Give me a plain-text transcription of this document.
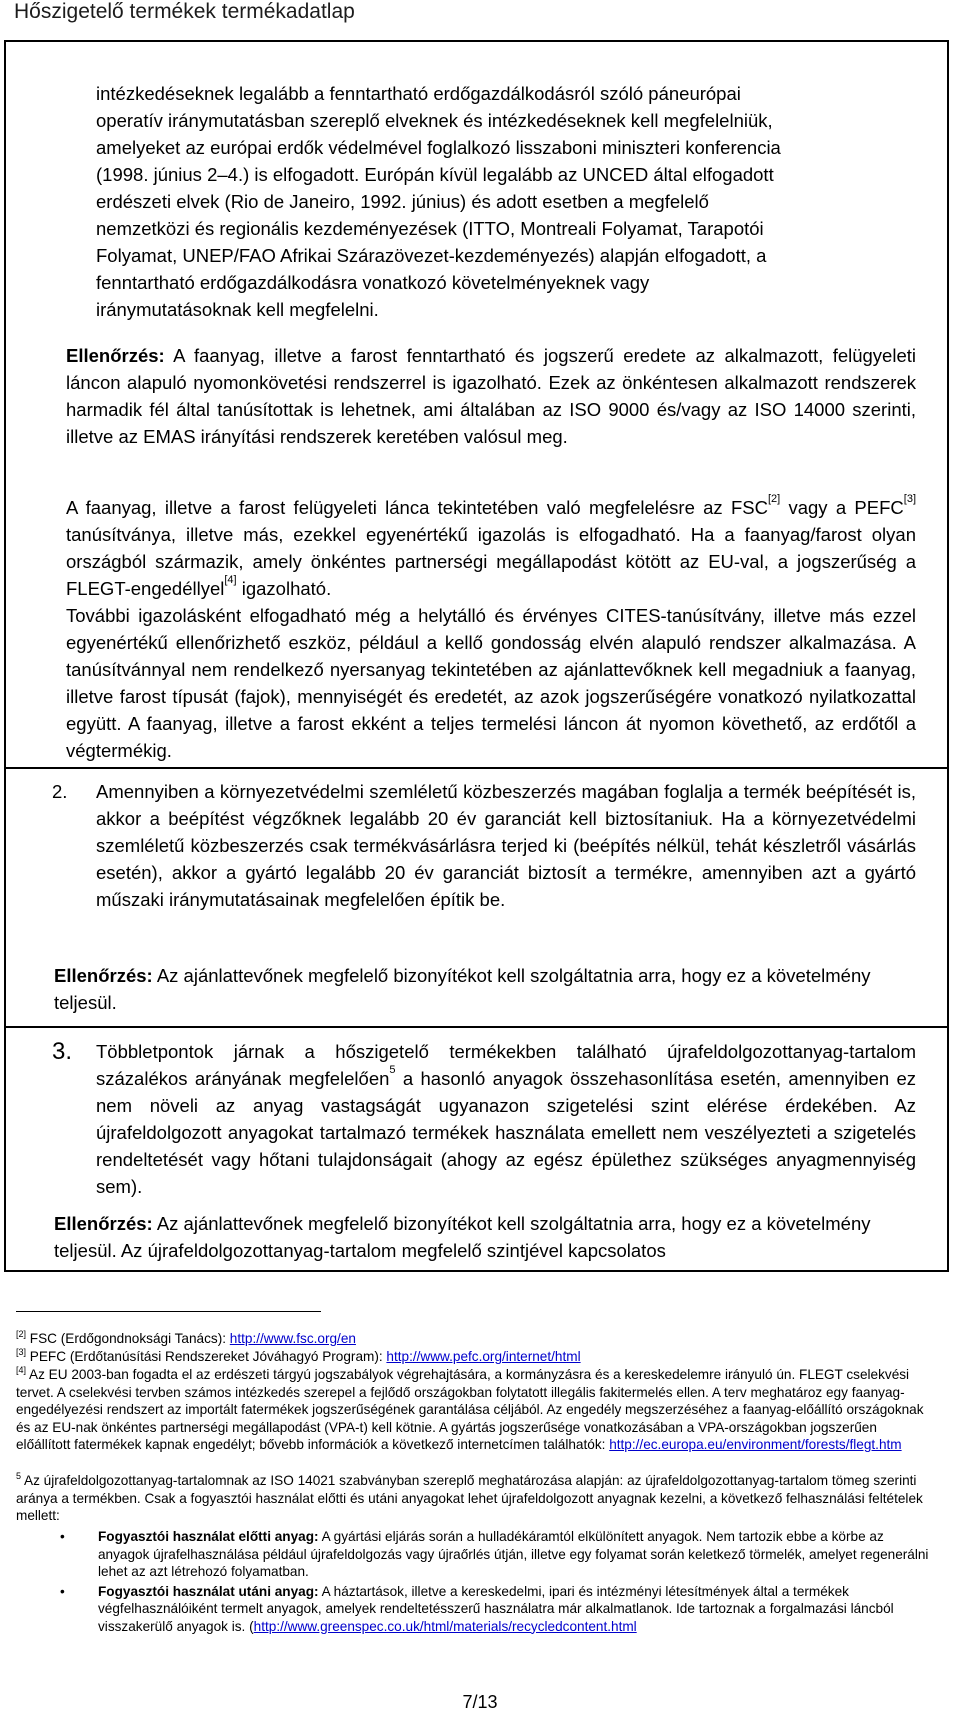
Hőszigetelő termékek termékadatlap
intézkedéseknek legalább a fenntartható erdőgazdálkodásról szóló páneurópai
operatív iránymutatásban szereplő elveknek és intézkedéseknek kell megfelelniük,
amelyeket az európai erdők védelmével foglalkozó lisszaboni miniszteri konferencia
(1998. június 2–4.) is elfogadott. Európán kívül legalább az UNCED által elfogadott
erdészeti elvek (Rio de Janeiro, 1992. június) és adott esetben a megfelelő
nemzetközi és regionális kezdeményezések (ITTO, Montreali Folyamat, Tarapotói
Folyamat, UNEP/FAO Afrikai Szárazövezet-kezdeményezés) alapján elfogadott, a
fenntartható erdőgazdálkodásra vonatkozó követelményeknek vagy
iránymutatásoknak kell megfelelni.
Ellenőrzés: A faanyag, illetve a farost fenntartható és jogszerű eredete az alkalmazott, felügyeleti láncon alapuló nyomonkövetési rendszerrel is igazolható. Ezek az önkéntesen alkalmazott rendszerek harmadik fél által tanúsítottak is lehetnek, ami általában az ISO 9000 és/vagy az ISO 14000 szerinti, illetve az EMAS irányítási rendszerek keretében valósul meg.
A faanyag, illetve a farost felügyeleti lánca tekintetében való megfelelésre az FSC[2] vagy a PEFC[3] tanúsítványa, illetve más, ezekkel egyenértékű igazolás is elfogadható. Ha a faanyag/farost olyan országból származik, amely önkéntes partnerségi megállapodást kötött az EU-val, a jogszerűség a FLEGT-engedéllyel[4] igazolható.
További igazolásként elfogadható még a helytálló és érvényes CITES-tanúsítvány, illetve más ezzel egyenértékű ellenőrizhető eszköz, például a kellő gondosság elvén alapuló rendszer alkalmazása. A tanúsítvánnyal nem rendelkező nyersanyag tekintetében az ajánlattevőknek kell megadniuk a faanyag, illetve farost típusát (fajok), mennyiségét és eredetét, az azok jogszerűségére vonatkozó nyilatkozattal együtt. A faanyag, illetve a farost ekként a teljes termelési láncon át nyomon követhető, az erdőtől a végtermékig.
2. Amennyiben a környezetvédelmi szemléletű közbeszerzés magában foglalja a termék beépítését is, akkor a beépítést végzőknek legalább 20 év garanciát kell biztosítaniuk. Ha a környezetvédelmi szemléletű közbeszerzés csak termékvásárlásra terjed ki (beépítés nélkül, tehát készletről vásárlás esetén), akkor a gyártó legalább 20 év garanciát biztosít a termékre, amennyiben azt a gyártó műszaki iránymutatásainak megfelelően építik be.
Ellenőrzés: Az ajánlattevőnek megfelelő bizonyítékot kell szolgáltatnia arra, hogy ez a követelmény teljesül.
3. Többletpontok járnak a hőszigetelő termékekben található újrafeldolgozottanyag-tartalom százalékos arányának megfelelően$^5$ a hasonló anyagok összehasonlítása esetén, amennyiben ez nem növeli az anyag vastagságát ugyanazon szigetelési szint elérése érdekében. Az újrafeldolgozott anyagokat tartalmazó termékek használata emellett nem veszélyezteti a szigetelés rendeltetését vagy hőtani tulajdonságait (ahogy az egész épülethez szükséges anyagmennyiség sem).
Ellenőrzés: Az ajánlattevőnek megfelelő bizonyítékot kell szolgáltatnia arra, hogy ez a követelmény teljesül. Az újrafeldolgozottanyag-tartalom megfelelő szintjével kapcsolatos
[2] FSC (Erdőgondnoksági Tanács): http://www.fsc.org/en
[3] PEFC (Erdőtanúsítási Rendszereket Jóváhagyó Program): http://www.pefc.org/internet/html
[4] Az EU 2003-ban fogadta el az erdészeti tárgyú jogszabályok végrehajtására, a kormányzásra és a kereskedelemre irányuló ún. FLEGT cselekvési tervet. A cselekvési tervben számos intézkedés szerepel a fejlődő országokban folytatott illegális fakitermelés ellen. A terv meghatároz egy faanyag-engedélyezési rendszert az importált fatermékek jogszerűségének garantálása céljából. Az engedély megszerzéséhez a faanyag-előállító országoknak és az EU-nak önkéntes partnerségi megállapodást (VPA-t) kell kötnie. A gyártás jogszerűsége vonatkozásában a VPA-országokban jogszerűen előállított fatermékek kapnak engedélyt; bővebb információk a következő internetcímen találhatók: http://ec.europa.eu/environment/forests/flegt.htm
$^5$ Az újrafeldolgozottanyag-tartalomnak az ISO 14021 szabványban szereplő meghatározása alapján: az újrafeldolgozottanyag-tartalom tömeg szerinti aránya a termékben. Csak a fogyasztói használat előtti és utáni anyagokat lehet újrafeldolgozott anyagnak kezelni, a következő felhasználási feltételek mellett:
• Fogyasztói használat előtti anyag: A gyártási eljárás során a hulladékáramtól elkülönített anyagok. Nem tartozik ebbe a körbe az anyagok újrafelhasználása például újrafeldolgozás vagy újraőrlés útján, illetve egy folyamat során keletkező törmelék, amelyet regenerálni lehet az azt létrehozó folyamatban.
• Fogyasztói használat utáni anyag: A háztartások, illetve a kereskedelmi, ipari és intézményi létesítmények által a termékek végfelhasználóiként termelt anyagok, amelyek rendeltetésszerű használatra már alkalmatlanok. Ide tartoznak a forgalmazási láncból visszakerülő anyagok is. (http://www.greenspec.co.uk/html/materials/recycledcontent.html
7/13
